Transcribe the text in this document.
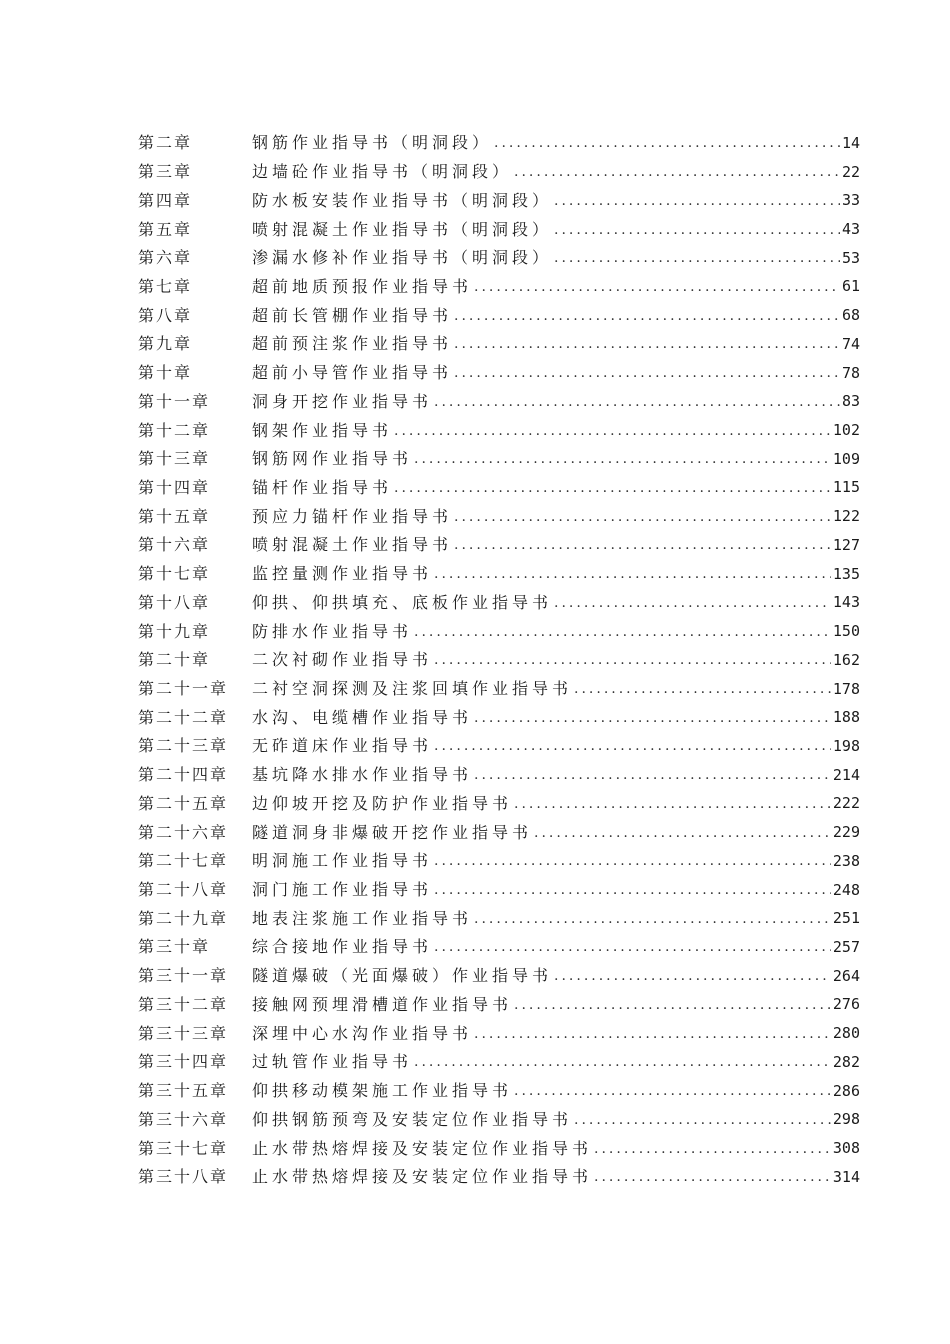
第二章	钢筋作业指导书（明洞段） .....	14
第三章	边墙砼作业指导书（明洞段） .....	22
第四章	防水板安装作业指导书（明洞段） .....	33
第五章	喷射混凝土作业指导书（明洞段） .....	43
第六章	渗漏水修补作业指导书（明洞段） .....	53
第七章	超前地质预报作业指导书 .....	61
第八章	超前长管棚作业指导书 .....	68
第九章	超前预注浆作业指导书 .....	74
第十章	超前小导管作业指导书 .....	78
第十一章	洞身开挖作业指导书 .....	83
第十二章	钢架作业指导书 .....	102
第十三章	钢筋网作业指导书 .....	109
第十四章	锚杆作业指导书 .....	115
第十五章	预应力锚杆作业指导书 .....	122
第十六章	喷射混凝土作业指导书 .....	127
第十七章	监控量测作业指导书 .....	135
第十八章	仰拱、仰拱填充、底板作业指导书 .....	143
第十九章	防排水作业指导书 .....	150
第二十章	二次衬砌作业指导书 .....	162
第二十一章	二衬空洞探测及注浆回填作业指导书 .....	178
第二十二章	水沟、电缆槽作业指导书 .....	188
第二十三章	无砟道床作业指导书 .....	198
第二十四章	基坑降水排水作业指导书 .....	214
第二十五章	边仰坡开挖及防护作业指导书 .....	222
第二十六章	隧道洞身非爆破开挖作业指导书 .....	229
第二十七章	明洞施工作业指导书 .....	238
第二十八章	洞门施工作业指导书 .....	248
第二十九章	地表注浆施工作业指导书 .....	251
第三十章	综合接地作业指导书 .....	257
第三十一章	隧道爆破（光面爆破）作业指导书 .....	264
第三十二章	接触网预埋滑槽道作业指导书 .....	276
第三十三章	深埋中心水沟作业指导书 .....	280
第三十四章	过轨管作业指导书 .....	282
第三十五章	仰拱移动模架施工作业指导书 .....	286
第三十六章	仰拱钢筋预弯及安装定位作业指导书 .....	298
第三十七章	止水带热熔焊接及安装定位作业指导书 .....	308
第三十八章	止水带热熔焊接及安装定位作业指导书 .....	314
